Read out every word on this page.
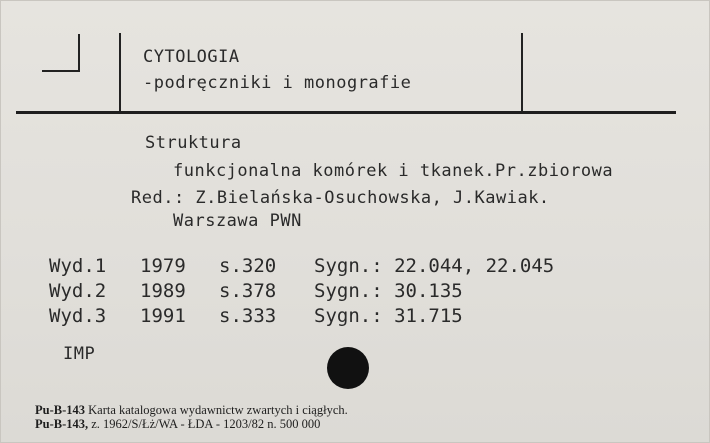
CYTOLOGIA
-podręczniki i monografie
Struktura
funkcjonalna komórek i tkanek.Pr.zbiorowa
Red.: Z.Bielańska-Osuchowska, J.Kawiak.
Warszawa PWN
Wyd.1 1979 s.320 Sygn.: 22.044, 22.045
Wyd.2 1989 s.378 Sygn.: 30.135
Wyd.3 1991 s.333 Sygn.: 31.715
IMP
Pu-B-143 Karta katalogowa wydawnictw zwartych i ciągłych.
Pu-B-143, z. 1962/S/Łż/WA - ŁDA - 1203/82 n. 500 000
